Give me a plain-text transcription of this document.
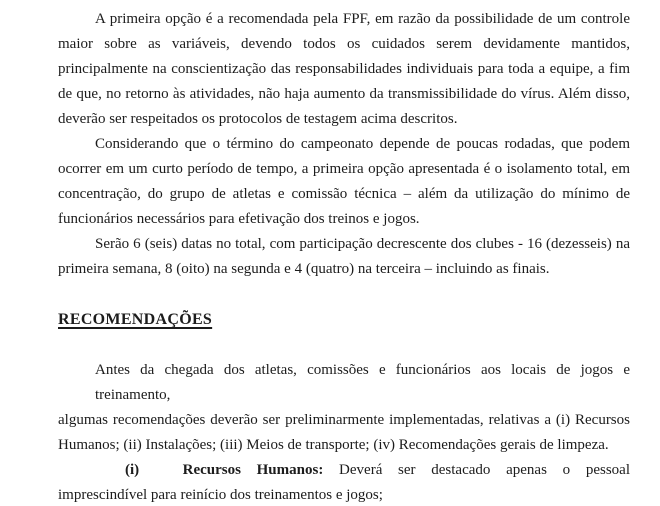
A primeira opção é a recomendada pela FPF, em razão da possibilidade de um controle
maior sobre as variáveis, devendo todos os cuidados serem devidamente mantidos,
principalmente na conscientização das responsabilidades individuais para toda a equipe, a fim
de que, no retorno às atividades, não haja aumento da transmissibilidade do vírus. Além disso,
deverão ser respeitados os protocolos de testagem acima descritos.
Considerando que o término do campeonato depende de poucas rodadas, que podem
ocorrer em um curto período de tempo, a primeira opção apresentada é o isolamento total, em
concentração, do grupo de atletas e comissão técnica – além da utilização do mínimo de
funcionários necessários para efetivação dos treinos e jogos.
Serão 6 (seis) datas no total, com participação decrescente dos clubes - 16 (dezesseis) na
primeira semana, 8 (oito) na segunda e 4 (quatro) na terceira – incluindo as finais.
RECOMENDAÇÕES
Antes da chegada dos atletas, comissões e funcionários aos locais de jogos e treinamento,
algumas recomendações deverão ser preliminarmente implementadas, relativas a (i) Recursos
Humanos; (ii) Instalações; (iii) Meios de transporte; (iv) Recomendações gerais de limpeza.
(i)	Recursos Humanos: Deverá ser destacado apenas o pessoal
imprescindível para reinício dos treinamentos e jogos;
